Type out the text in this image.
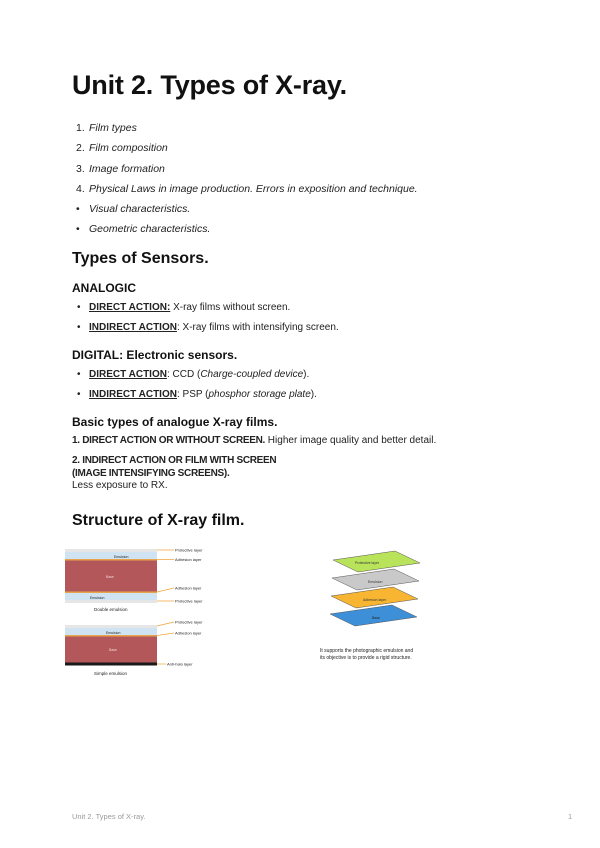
Unit 2. Types of X-ray.
1. Film types
2. Film composition
3. Image formation
4. Physical Laws in image production. Errors in exposition and technique.
• Visual characteristics.
• Geometric characteristics.
Types of Sensors.
ANALOGIC
• DIRECT ACTION: X-ray films without screen.
• INDIRECT ACTION: X-ray films with intensifying screen.
DIGITAL: Electronic sensors.
• DIRECT ACTION: CCD (Charge-coupled device).
• INDIRECT ACTION: PSP (phosphor storage plate).
Basic types of analogue X-ray films.

1. DIRECT ACTION OR WITHOUT SCREEN. Higher image quality and better detail.

2. INDIRECT ACTION OR FILM WITH SCREEN
(IMAGE INTENSIFYING SCREENS).
Less exposure to RX.

Structure of X-ray film.
Emulsion
Base
Emulsion
Protective layer
Adhesion layer
Adhesion layer
Protective layer
Double emulsion
Emulsion
Base
Protective layer
Adhesion layer
Anti-halo layer
Simple emulsion
Protective layer
Emulsion
Adhesion layer
Base
It supports the photographic emulsion and
its objective is to provide a rigid structure.
Unit 2. Types of X-ray.	1
